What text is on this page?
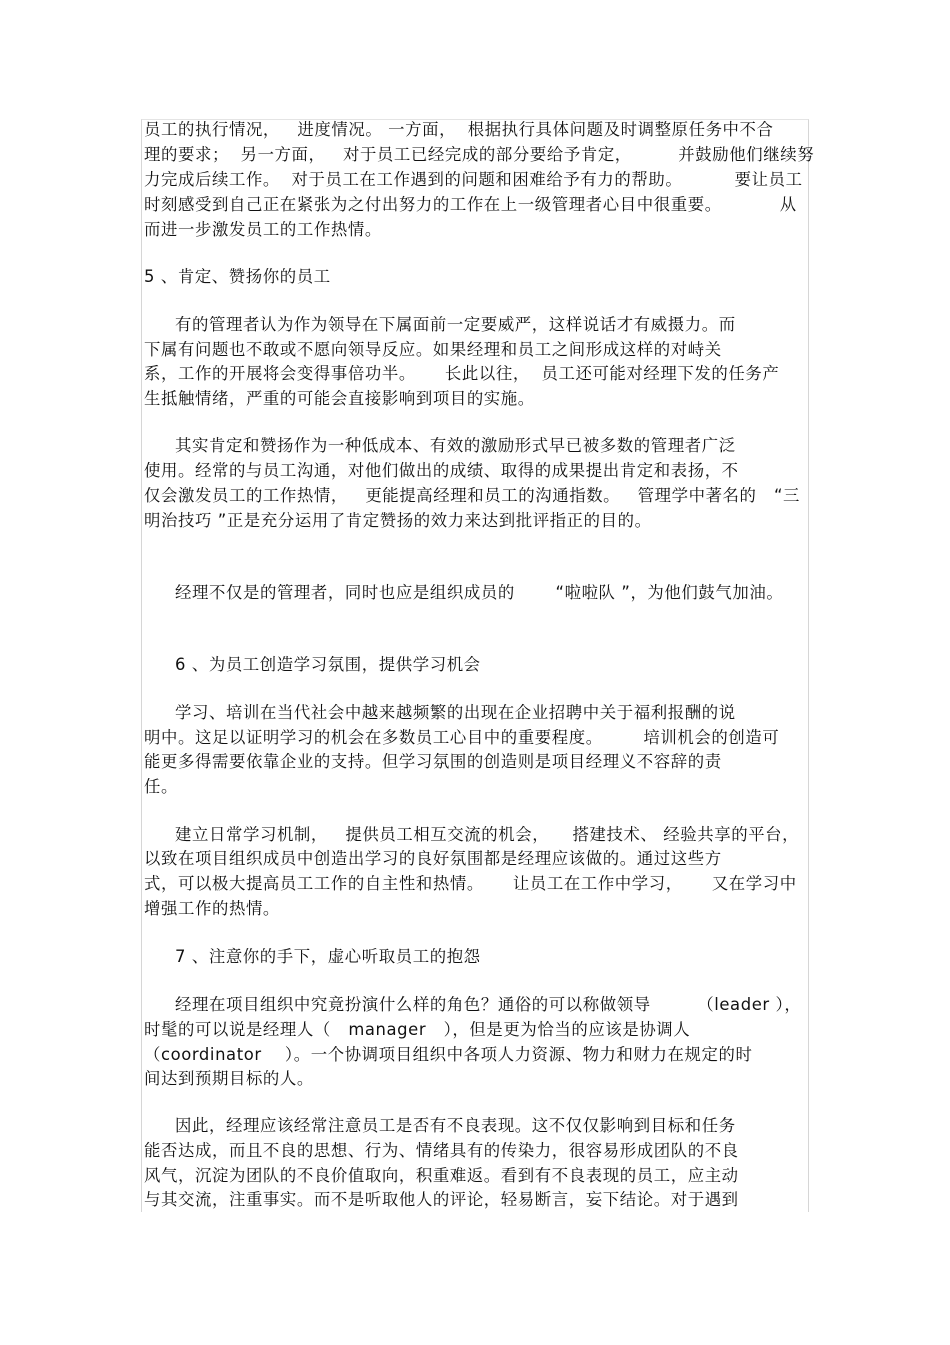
员工的执行情况，   进度情况。 一方面，  根据执行具体问题及时调整原任务中不合
理的要求；  另一方面，   对于员工已经完成的部分要给予肯定，        并鼓励他们继续努
力完成后续工作。  对于员工在工作遇到的问题和困难给予有力的帮助。         要让员工
时刻感受到自己正在紧张为之付出努力的工作在上一级管理者心目中很重要。          从
而进一步激发员工的工作热情。
5 、肯定、赞扬你的员工
有的管理者认为作为领导在下属面前一定要威严，这样说话才有威摄力。而
下属有问题也不敢或不愿向领导反应。如果经理和员工之间形成这样的对峙关
系，工作的开展将会变得事倍功半。     长此以往，  员工还可能对经理下发的任务产
生抵触情绪，严重的可能会直接影响到项目的实施。
其实肯定和赞扬作为一种低成本、有效的激励形式早已被多数的管理者广泛
使用。经常的与员工沟通，对他们做出的成绩、取得的成果提出肯定和表扬，不
仅会激发员工的工作热情，   更能提高经理和员工的沟通指数。   管理学中著名的   “三
明治技巧 ”正是充分运用了肯定赞扬的效力来达到批评指正的目的。
经理不仅是的管理者，同时也应是组织成员的       “啦啦队 ”，为他们鼓气加油。
6 、为员工创造学习氛围，提供学习机会
学习、培训在当代社会中越来越频繁的出现在企业招聘中关于福利报酬的说
明中。这足以证明学习的机会在多数员工心目中的重要程度。       培训机会的创造可
能更多得需要依靠企业的支持。但学习氛围的创造则是项目经理义不容辞的责
任。
建立日常学习机制，   提供员工相互交流的机会，    搭建技术、 经验共享的平台，
以致在项目组织成员中创造出学习的良好氛围都是经理应该做的。通过这些方
式，可以极大提高员工工作的自主性和热情。     让员工在工作中学习，     又在学习中
增强工作的热情。
7 、注意你的手下，虚心听取员工的抱怨
经理在项目组织中究竟扮演什么样的角色？通俗的可以称做领导        （leader ），
时髦的可以说是经理人（   manager   ），但是更为恰当的应该是协调人
（coordinator    ）。一个协调项目组织中各项人力资源、物力和财力在规定的时
间达到预期目标的人。
因此，经理应该经常注意员工是否有不良表现。这不仅仅影响到目标和任务
能否达成，而且不良的思想、行为、情绪具有的传染力，很容易形成团队的不良
风气，沉淀为团队的不良价值取向，积重难返。看到有不良表现的员工，应主动
与其交流，注重事实。而不是听取他人的评论，轻易断言，妄下结论。对于遇到
